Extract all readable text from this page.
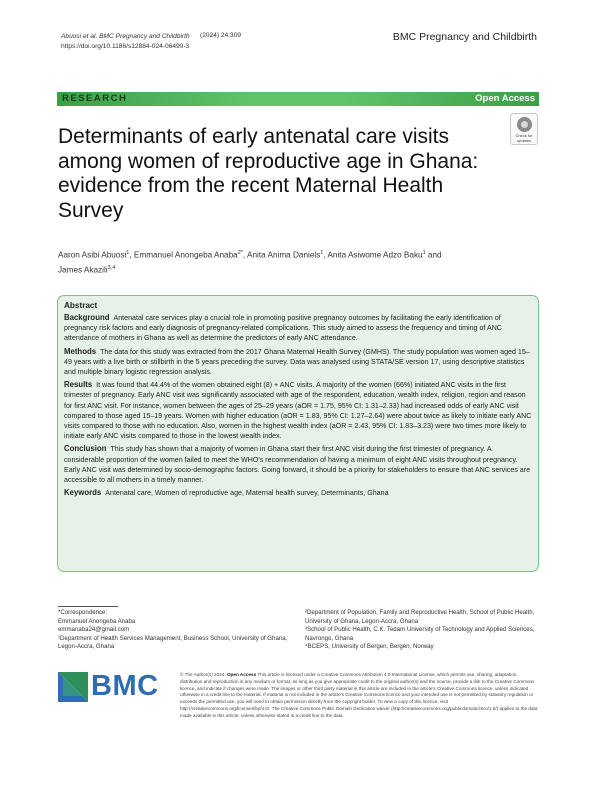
Abuosi et al. BMC Pregnancy and Childbirth
https://doi.org/10.1186/s12884-024-06490-3
(2024) 24:309	BMC Pregnancy and Childbirth
RESEARCH	Open Access
Determinants of early antenatal care visits among women of reproductive age in Ghana: evidence from the recent Maternal Health Survey
Check for
updates
Aaron Asibi Abuosi$^1$, Emmanuel Anongeba Anaba$^{2*}$, Anita Anima Daniels$^1$, Anita Asiwome Adzo Baku$^1$ and
James Akazili$^{3,4}$
Abstract

Background Antenatal care services play a crucial role in promoting positive pregnancy outcomes by facilitating the early identification of pregnancy risk factors and early diagnosis of pregnancy-related complications. This study aimed to assess the frequency and timing of ANC attendance of mothers in Ghana as well as determine the predictors of early ANC attendance.

Methods The data for this study was extracted from the 2017 Ghana Maternal Health Survey (GMHS). The study population was women aged 15–49 years with a live birth or stillbirth in the 5 years preceding the survey. Data was analysed using STATA/SE version 17, using descriptive statistics and multiple binary logistic regression analysis.

Results It was found that 44.4% of the women obtained eight (8) + ANC visits. A majority of the women (66%) initiated ANC visits in the first trimester of pregnancy. Early ANC visit was significantly associated with age of the respondent, education, wealth index, religion, region and reason for first ANC visit. For instance, women between the ages of 25–29 years (aOR = 1.75, 95% CI: 1.31–2.33) had increased odds of early ANC visit compared to those aged 15–19 years. Women with higher education (aOR = 1.83, 95% CI: 1.27–2.64) were about twice as likely to initiate early ANC visits compared to those with no education. Also, women in the highest wealth index (aOR = 2.43, 95% CI: 1.83–3.23) were two times more likely to initiate early ANC visits compared to those in the lowest wealth index.

Conclusion This study has shown that a majority of women in Ghana start their first ANC visit during the first trimester of pregnancy. A considerable proportion of the women failed to meet the WHO's recommendation of having a minimum of eight ANC visits throughout pregnancy. Early ANC visit was determined by socio-demographic factors. Going forward, it should be a priority for stakeholders to ensure that ANC services are accessible to all mothers in a timely manner.

Keywords Antenatal care, Women of reproductive age, Maternal health survey, Determinants, Ghana

*Correspondence:
Emmanuel Anongeba Anaba
emmanaba24@gmail.com
¹Department of Health Services Management, Business School, University of Ghana, Legon-Accra, Ghana
²Department of Population, Family and Reproductive Health, School of Public Health, University of Ghana, Legon-Accra, Ghana
³School of Public Health, C.K. Tedam University of Technology and Applied Sciences, Navrongo, Ghana
⁴BCEPS, University of Bergen, Bergen, Norway
BMC	© The Author(s) 2024. Open Access This article is licensed under a Creative Commons Attribution 4.0 International License, which permits use, sharing, adaptation, distribution and reproduction in any medium or format, as long as you give appropriate credit to the original author(s) and the source, provide a link to the Creative Commons licence, and indicate if changes were made. The images or other third party material in this article are included in the article's Creative Commons licence, unless indicated otherwise in a credit line to the material. If material is not included in the article's Creative Commons licence and your intended use is not permitted by statutory regulation or exceeds the permitted use, you will need to obtain permission directly from the copyright holder. To view a copy of this licence, visit http://creativecommons.org/licenses/by/4.0/. The Creative Commons Public Domain Dedication waiver (http://creativecommons.org/publicdomain/zero/1.0/) applies to the data made available in this article, unless otherwise stated in a credit line to the data.
